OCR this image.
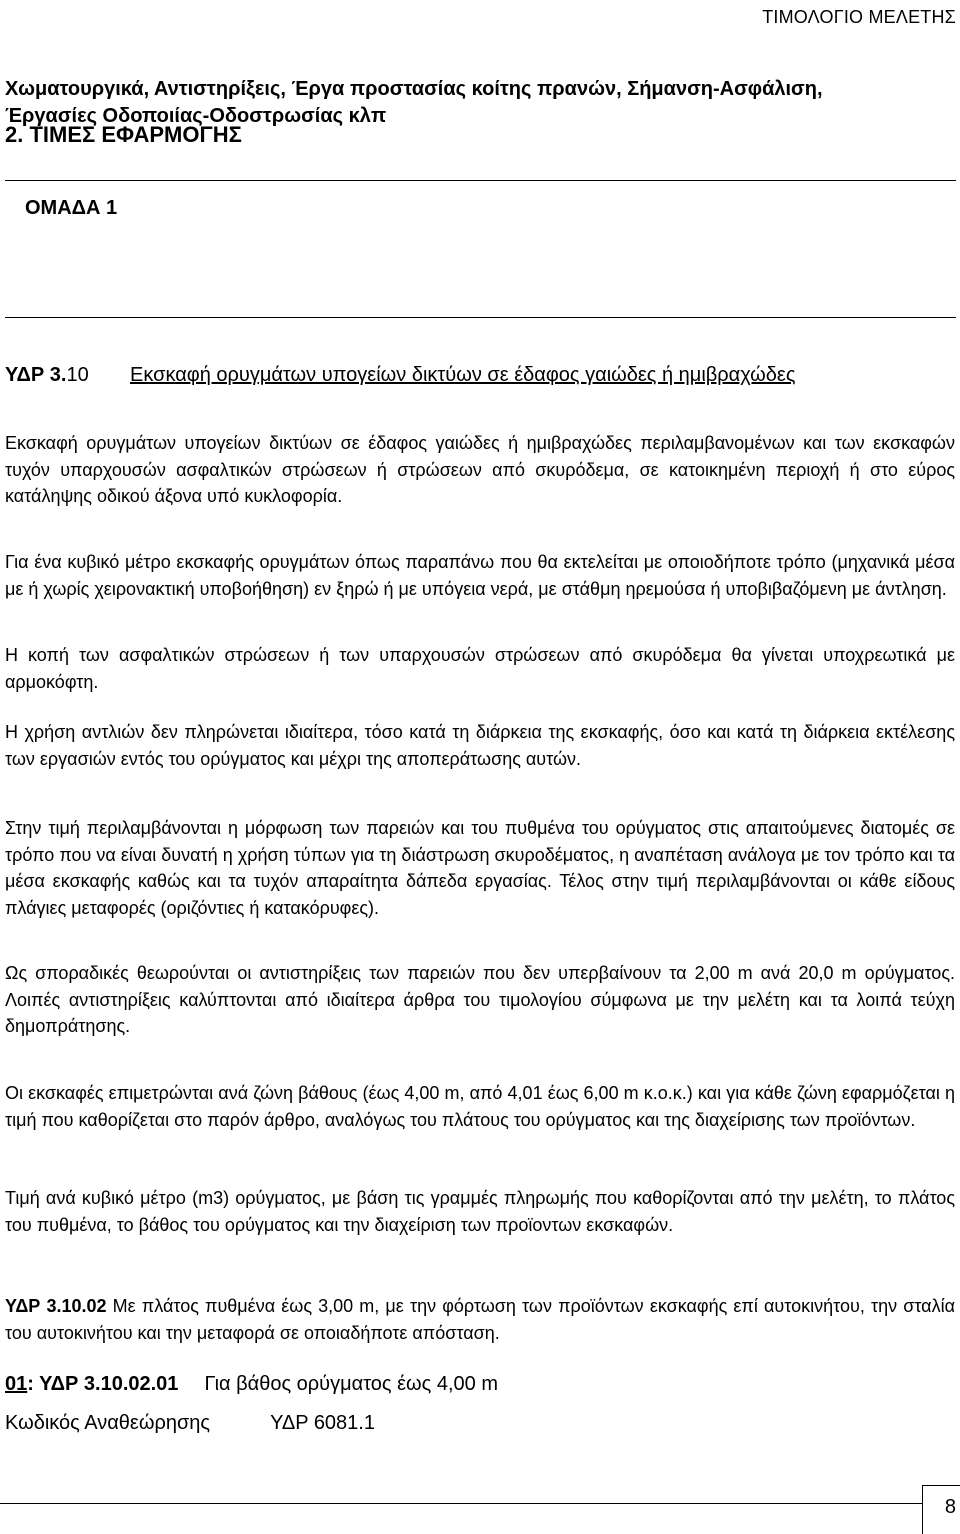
ΤΙΜΟΛΟΓΙΟ ΜΕΛΕΤΗΣ
2. ΤΙΜΕΣ ΕΦΑΡΜΟΓΗΣ
ΟΜΑΔΑ 1
Χωματουργικά, Αντιστηρίξεις, Έργα προστασίας κοίτης πρανών, Σήμανση-Ασφάλιση, Έργασίες Οδοποιίας-Οδοστρωσίας κλπ
ΥΔΡ 3.10 Εκσκαφή ορυγμάτων υπογείων δικτύων σε έδαφος γαιώδες ή ημιβραχώδες
Εκσκαφή ορυγμάτων υπογείων δικτύων σε έδαφος γαιώδες ή ημιβραχώδες περιλαμβανομένων και των εκσκαφών τυχόν υπαρχουσών ασφαλτικών στρώσεων ή στρώσεων από σκυρόδεμα, σε κατοικημένη περιοχή ή στο εύρος κατάληψης οδικού άξονα υπό κυκλοφορία.
Για ένα κυβικό μέτρο εκσκαφής ορυγμάτων όπως παραπάνω που θα εκτελείται με οποιοδήποτε τρόπο (μηχανικά μέσα με ή χωρίς χειρονακτική υποβοήθηση) εν ξηρώ ή με υπόγεια νερά, με στάθμη ηρεμούσα ή υποβιβαζόμενη με άντληση.
Η κοπή των ασφαλτικών στρώσεων ή των υπαρχουσών στρώσεων από σκυρόδεμα θα γίνεται υποχρεωτικά με αρμοκόφτη.
Η χρήση αντλιών δεν πληρώνεται ιδιαίτερα, τόσο κατά τη διάρκεια της εκσκαφής, όσο και κατά τη διάρκεια εκτέλεσης των εργασιών εντός του ορύγματος και μέχρι της αποπεράτωσης αυτών.
Στην τιμή περιλαμβάνονται η μόρφωση των παρειών και του πυθμένα του ορύγματος στις απαιτούμενες διατομές σε τρόπο που να είναι δυνατή η χρήση τύπων για τη διάστρωση σκυροδέματος, η αναπέταση ανάλογα με τον τρόπο και τα μέσα εκσκαφής καθώς και τα τυχόν απαραίτητα δάπεδα εργασίας. Τέλος στην τιμή περιλαμβάνονται οι κάθε είδους πλάγιες μεταφορές (οριζόντιες ή κατακόρυφες).
Ως σποραδικές θεωρούνται οι αντιστηρίξεις των παρειών που δεν υπερβαίνουν τα 2,00 m ανά 20,0 m ορύγματος. Λοιπές αντιστηρίξεις καλύπτονται από ιδιαίτερα άρθρα του τιμολογίου σύμφωνα με την μελέτη και τα λοιπά τεύχη δημοπράτησης.
Οι εκσκαφές επιμετρώνται ανά ζώνη βάθους (έως 4,00 m, από 4,01 έως 6,00 m κ.ο.κ.) και για κάθε ζώνη εφαρμόζεται η τιμή που καθορίζεται στο παρόν άρθρο, αναλόγως του πλάτους του ορύγματος και της διαχείρισης των προϊόντων.
Τιμή ανά κυβικό μέτρο (m3) ορύγματος, με βάση τις γραμμές πληρωμής που καθορίζονται από την μελέτη, το πλάτος του πυθμένα, το βάθος του ορύγματος και την διαχείριση των προϊοντων εκσκαφών.
ΥΔΡ 3.10.02 Με πλάτος πυθμένα έως 3,00 m, με την φόρτωση των προϊόντων εκσκαφής επί αυτοκινήτου, την σταλία του αυτοκινήτου και την μεταφορά σε οποιαδήποτε απόσταση.
01: ΥΔΡ 3.10.02.01 Για βάθος ορύγματος έως 4,00 m
Κωδικός Αναθεώρησης	ΥΔΡ 6081.1
8
